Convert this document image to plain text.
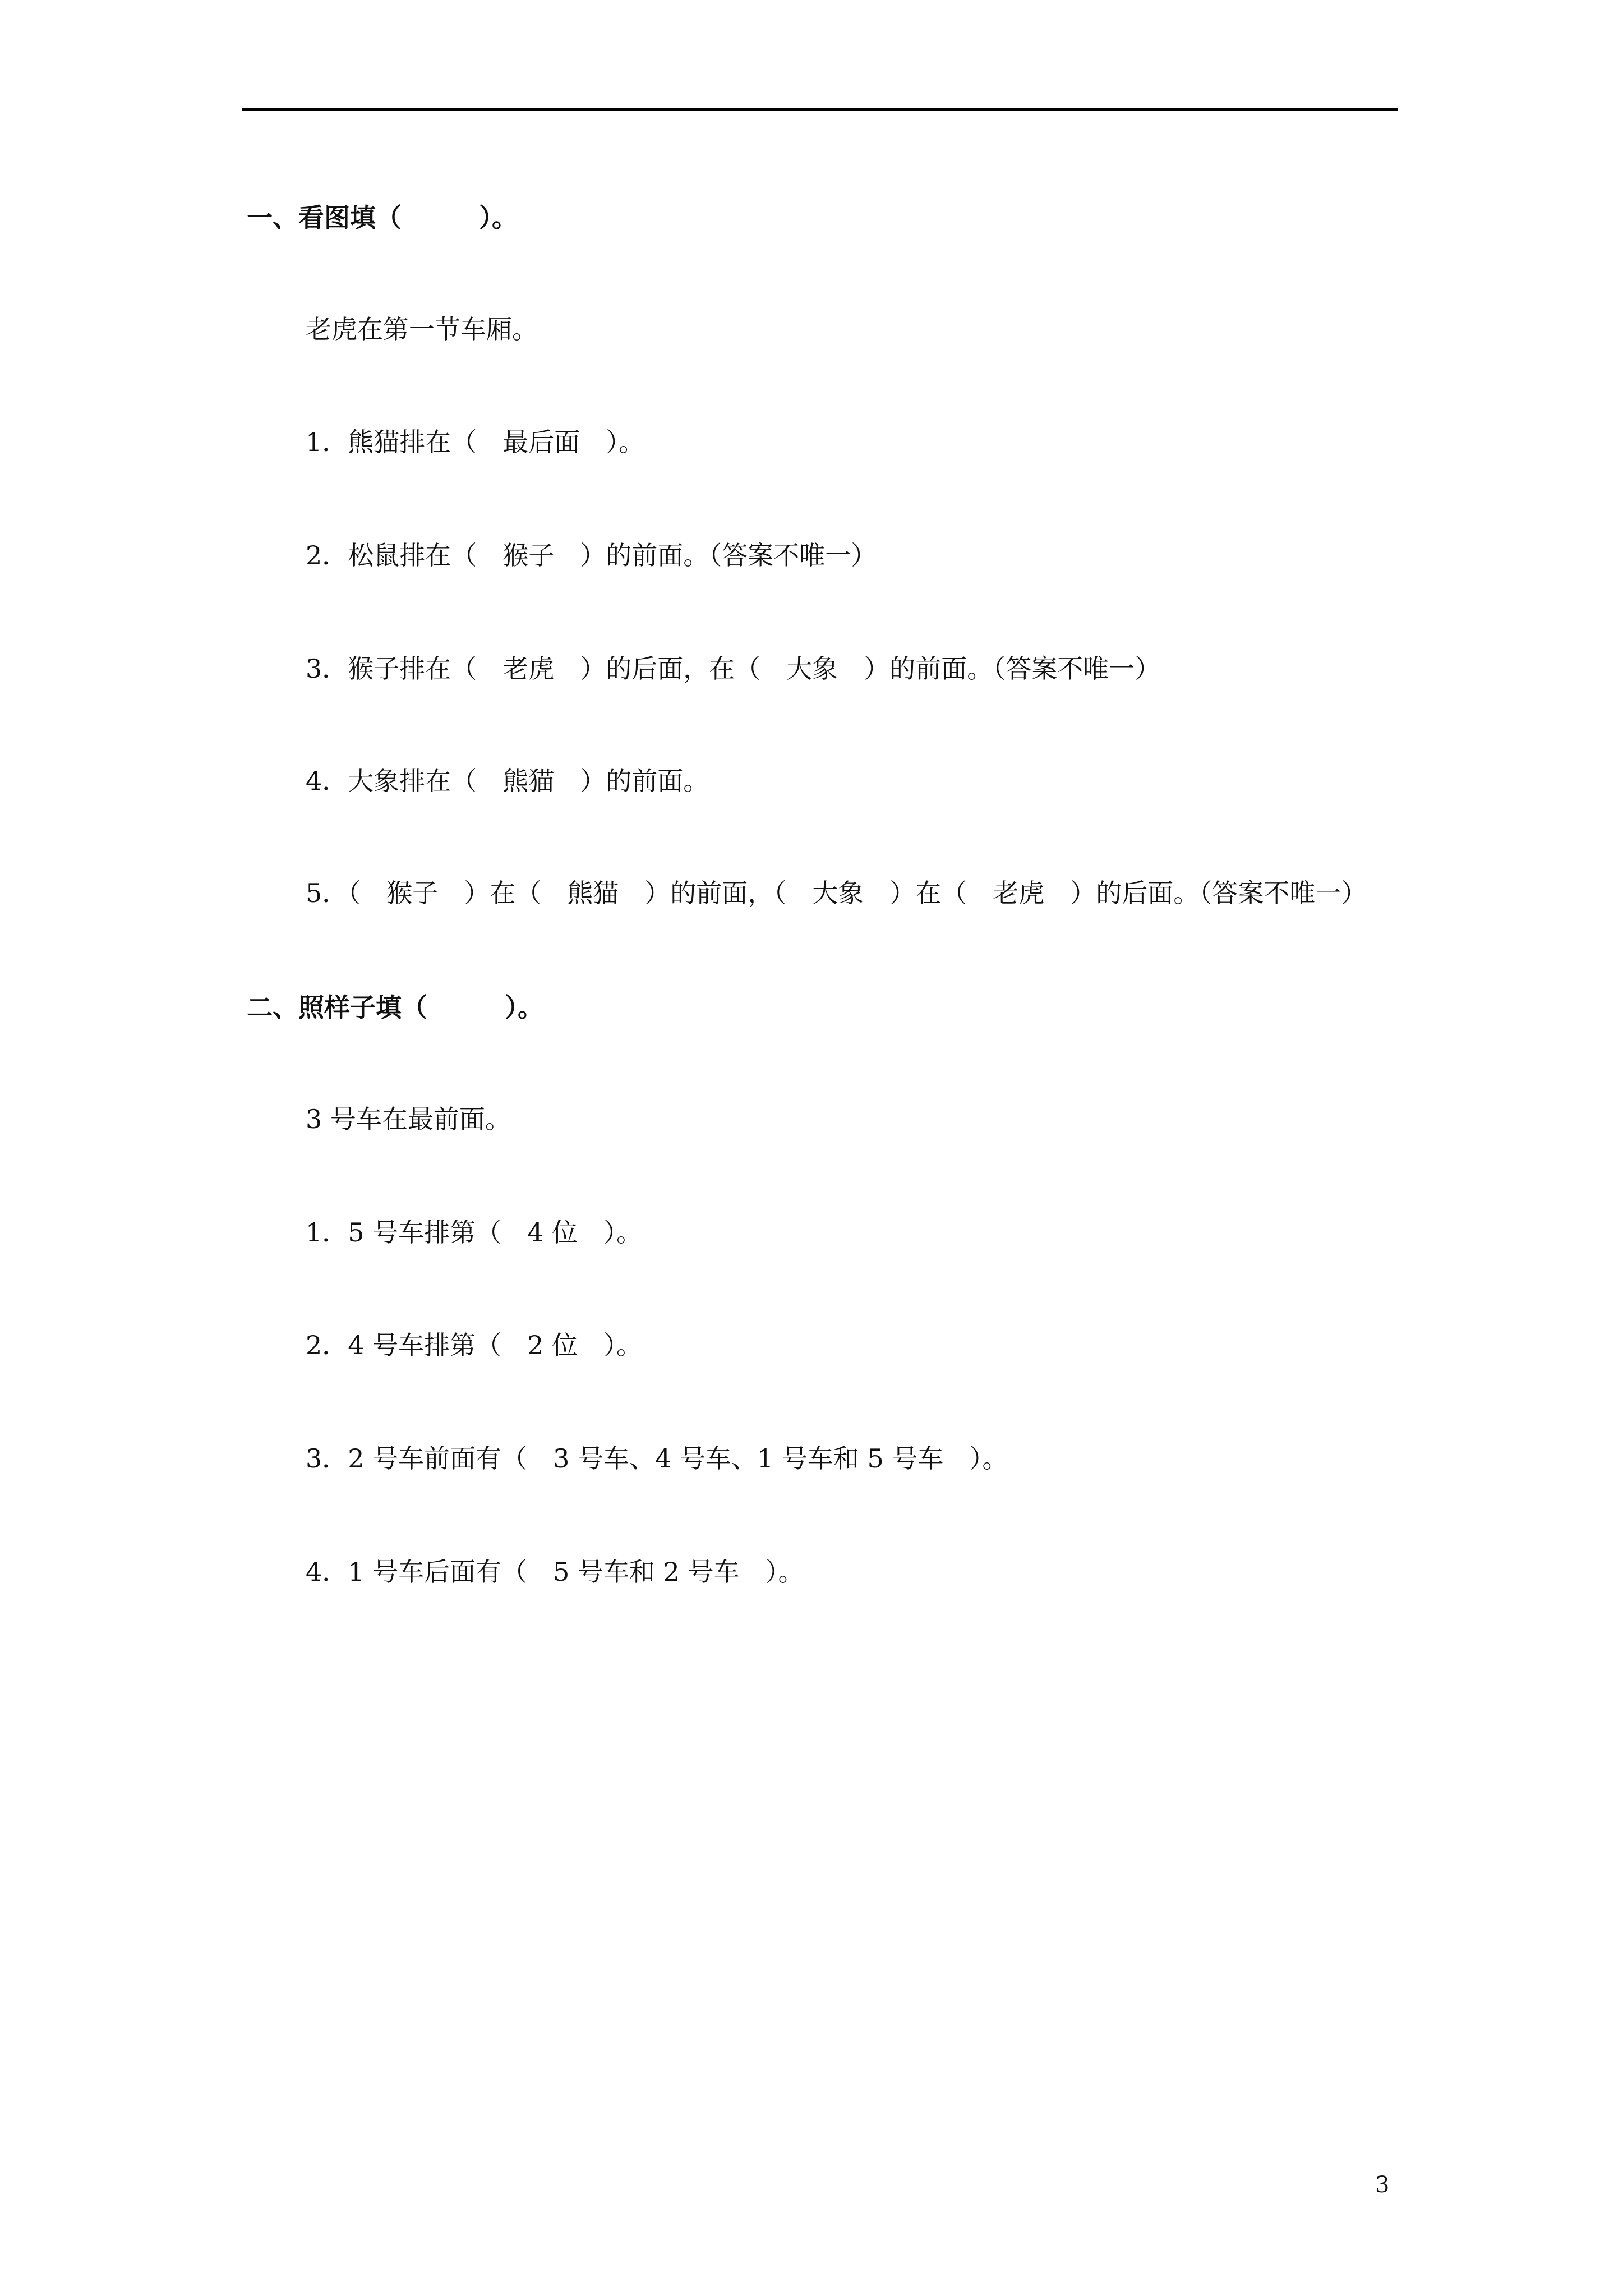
一、看图填（　　　）。
老虎在第一节车厢。
1．熊猫排在（　最后面　）。
2．松鼠排在（　猴子　）的前面。（答案不唯一）
3．猴子排在（　老虎　）的后面，在（　大象　）的前面。（答案不唯一）
4．大象排在（　熊猫　）的前面。
5．（　猴子　）在（　熊猫　）的前面，（　大象　）在（　老虎　）的后面。（答案不唯一）
二、照样子填（　　　）。
3 号车在最前面。
1．5 号车排第（　4 位　）。
2．4 号车排第（　2 位　）。
3．2 号车前面有（　3 号车、4 号车、1 号车和 5 号车　）。
4．1 号车后面有（　5 号车和 2 号车　）。
3
